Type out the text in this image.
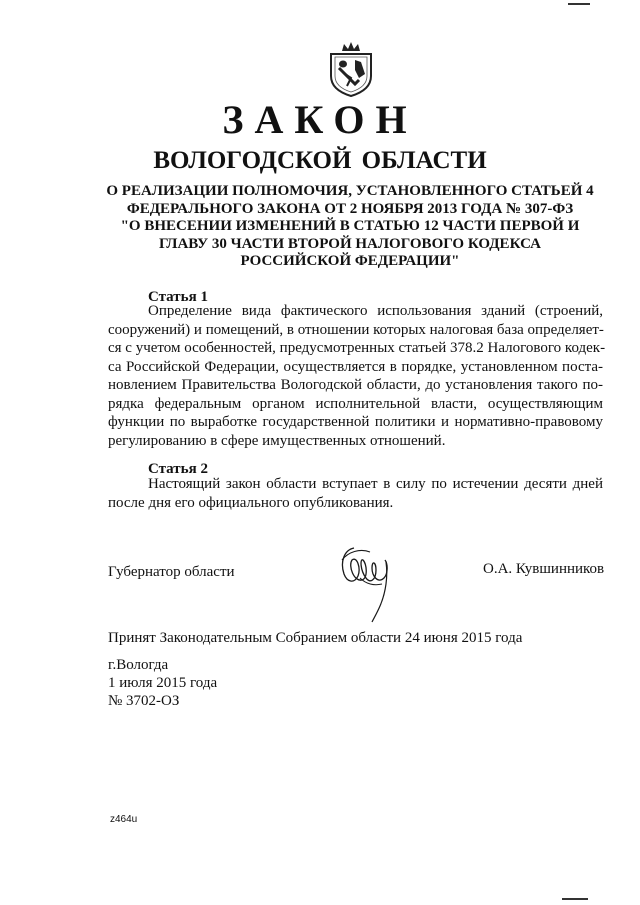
ЗАКОН
ВОЛОГОДСКОЙ ОБЛАСТИ
О РЕАЛИЗАЦИИ ПОЛНОМОЧИЯ, УСТАНОВЛЕННОГО СТАТЬЕЙ 4
ФЕДЕРАЛЬНОГО ЗАКОНА ОТ 2 НОЯБРЯ 2013 ГОДА № 307-ФЗ
"О ВНЕСЕНИИ ИЗМЕНЕНИЙ В СТАТЬЮ 12 ЧАСТИ ПЕРВОЙ И
ГЛАВУ 30 ЧАСТИ ВТОРОЙ НАЛОГОВОГО КОДЕКСА
РОССИЙСКОЙ ФЕДЕРАЦИИ"
Статья 1
Определение вида фактического использования зданий (строений,
сооружений) и помещений, в отношении которых налоговая база определяет-
ся с учетом особенностей, предусмотренных статьей 378.2 Налогового кодек-
са Российской Федерации, осуществляется в порядке, установленном поста-
новлением Правительства Вологодской области, до установления такого по-
рядка федеральным органом исполнительной власти, осуществляющим
функции по выработке государственной политики и нормативно-правовому
регулированию в сфере имущественных отношений.
Статья 2
Настоящий закон области вступает в силу по истечении десяти дней
после дня его официального опубликования.
Губернатор области	О.А. Кувшинников
Принят Законодательным Собранием области 24 июня 2015 года
г.Вологда
1 июля 2015 года
№ 3702-ОЗ
z464u
